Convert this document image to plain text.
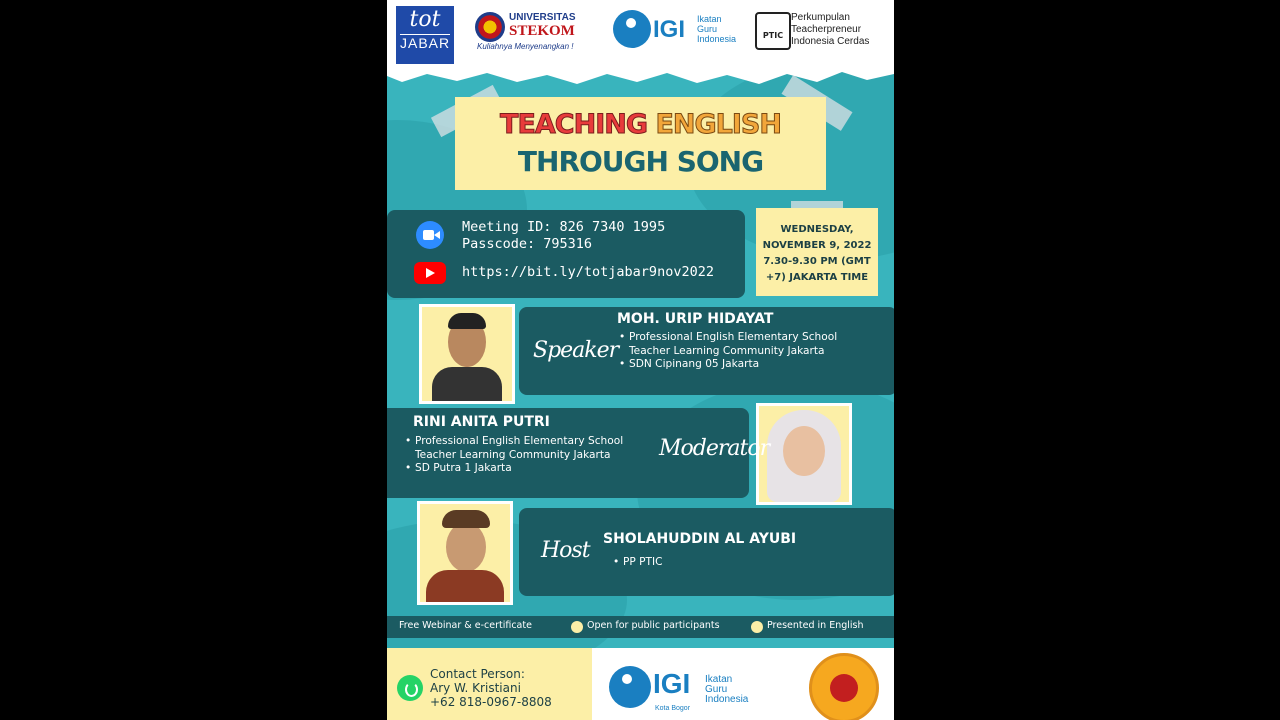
tot
JABAR
UNIVERSITAS
STEKOM
Kuliahnya Menyenangkan !
IGI Ikatan
Guru
Indonesia	PTIC
Perkumpulan
Teacherpreneur
Indonesia Cerdas
TEACHING ENGLISH
THROUGH SONG
Meeting ID: 826 7340 1995
Passcode: 795316
https://bit.ly/totjabar9nov2022
WEDNESDAY,
NOVEMBER 9, 2022
7.30-9.30 PM (GMT
+7) JAKARTA TIME
Speaker
MOH. URIP HIDAYAT
• Professional English Elementary School Teacher Learning Community Jakarta
• SDN Cipinang 05 Jakarta
RINI ANITA PUTRI
• Professional English Elementary School Teacher Learning Community Jakarta
• SD Putra 1 Jakarta
Moderator
Host SHOLAHUDDIN AL AYUBI
• PP PTIC
Free Webinar & e-certificate	Open for public participants	Presented in English
Contact Person:
Ary W. Kristiani
+62 818-0967-8808
IGI Ikatan
Guru
Indonesia
Kota Bogor
